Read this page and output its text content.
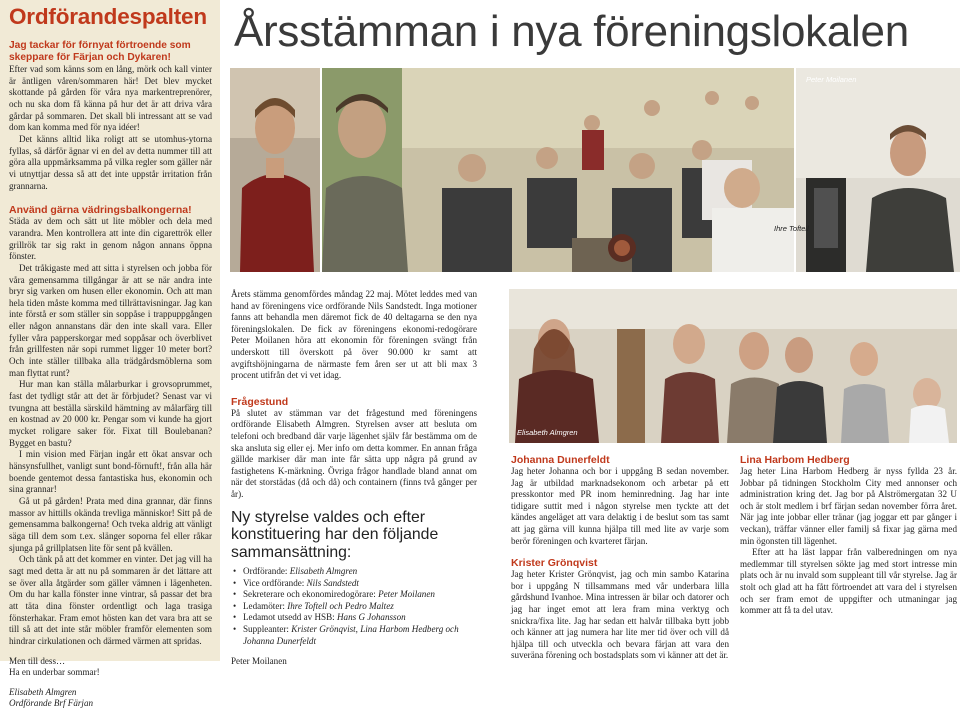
Ordförandespalten
Jag tackar för förnyat förtroende som skeppare för Färjan och Dykaren!

Efter vad som känns som en lång, mörk och kall vinter är äntligen våren/sommaren här! Det blev mycket skottande på gården för våra nya markentreprenörer, och nu ska dom få känna på hur det är att driva våra gårdar på sommaren. Det skall bli intressant att se vad dom kan komma med för nya idéer!

Det känns alltid lika roligt att se utomhus-ytorna fyllas, så därför ägnar vi en del av detta nummer till att göra alla uppmärksamma på vilka regler som gäller när vi utnyttjar dessa så att det inte uppstår irritation från grannarna.

Använd gärna vädringsbalkongerna!

Städa av dem och sätt ut lite möbler och dela med varandra. Men kontrollera att inte din cigarettrök eller grillrök tar sig rakt in genom någon annans öppna fönster.

Det tråkigaste med att sitta i styrelsen och jobba för våra gemensamma tillgångar är att se när andra inte bryr sig varken om husen eller ekonomin. Och att man hela tiden måste komma med tillrättavisningar. Jag kan inte förstå er som ställer sin soppåse i trappuppgången eller någon annanstans där den inte skall vara. Eller fyller våra papperskorgar med soppåsar och överblivet från grillfesten när sopi rummet ligger 10 meter bort? Och inte ställer tillbaka alla trädgårdsmöblerna som man flyttat runt?

Hur man kan ställa målarburkar i grovsoprummet, fast det tydligt står att det är förbjudet? Senast var vi tvungna att beställa särskild hämtning av målarfärg till en kostnad av 20 000 kr. Pengar som vi kunde ha gjort mycket roligare saker för. Fixat till Boulebanan? Bygget en bastu?

I min vision med Färjan ingår ett ökat ansvar och hänsynsfullhet, vanligt sunt bond-förnuft!, från alla här boende gentemot dessa fantastiska hus, ekonomin och sina grannar!

Gå ut på gården! Prata med dina grannar, där finns massor av hittills okända trevliga människor! Sitt på de gemensamma balkongerna! Och tveka aldrig att vänligt säga till dem som t.ex. slänger soporna fel eller råkar sjunga på grillplatsen lite för sent på kvällen.

Och tänk på att det kommer en vinter. Det jag vill ha sagt med detta är att nu på sommaren är det lättare att se över alla åtgärder som gäller vämnen i lägenheten. Om du har kalla fönster inne vintrar, så passar det bra att täta dina fönster ordentligt och laga trasiga fönsterhakar. Fram emot hösten kan det vara bra att se till så att det inte står möbler framför elementen som hindrar cirkulationen och därmed värmen att spridas.

Men till dess…

Ha en underbar sommar!

Elisabeth Almgren

Ordförande Brf Färjan

Årsstämman i nya föreningslokalen
Peter Moilanen
Ihre Toftell

Årets stämma genomfördes måndag 22 maj. Mötet leddes med van hand av föreningens vice ordförande Nils Sandstedt. Inga motioner fanns att behandla men däremot fick de 40 deltagarna se den nya föreningslokalen. De fick av föreningens ekonomi-redogörare Peter Moilanen höra att ekonomin för föreningen svängt från underskott till överskott på över 90.000 kr samt att avgiftshöjningarna de närmaste fem åren ser ut att bli max 3 procent utifrån det vi vet idag.

Frågestund

På slutet av stämman var det frågestund med föreningens ordförande Elisabeth Almgren. Styrelsen avser att besluta om telefoni och bredband där varje lägenhet själv får bestämma om de ska ansluta sig eller ej. Mer info om detta kommer. En annan fråga gällde markiser där man inte får sätta upp några på grund av fastighetens K-märkning. Övriga frågor handlade bland annat om när det storstädas (då och då) och containern (finns två gånger per år).

Ny styrelse valdes och efter konstituering har den följande sammansättning:
• Ordförande: Elisabeth Almgren
• Vice ordförande: Nils Sandstedt
• Sekreterare och ekonomiredogörare: Peter Moilanen
• Ledamöter: Ihre Toftell och Pedro Maltez
• Ledamot utsedd av HSB: Hans G Johansson
• Suppleanter: Krister Grönqvist, Lina Harbom Hedberg och Johanna Dunerfeldt

Peter Moilanen

Elisabeth Almgren
Johanna Dunerfeldt

Jag heter Johanna och bor i uppgång B sedan november. Jag är utbildad marknadsekonom och arbetar på ett presskontor med PR inom heminredning. Jag har inte tidigare suttit med i någon styrelse men tyckte att det kändes angeläget att vara delaktig i de beslut som tas samt att jag gärna vill kunna hjälpa till med lite av varje som berör föreningen och kvarteret färjan.

Krister Grönqvist

Jag heter Krister Grönqvist, jag och min sambo Katarina bor i uppgång N tillsammans med vår underbara lilla gårdshund Ivanhoe. Mina intressen är bilar och datorer och jag har inget emot att lera fram mina verktyg och snickra/fixa lite. Jag har sedan ett halvår tillbaka bytt jobb och känner att jag numera har lite mer tid över och vill då hjälpa till och utveckla och bevara färjan att vara den suveräna förening och bostadsplats som vi känner att det är.

Lina Harbom Hedberg

Jag heter Lina Harbom Hedberg är nyss fyllda 23 år. Jobbar på tidningen Stockholm City med annonser och administration kring det. Jag bor på Alströmergatan 32 U och är stolt medlem i brf färjan sedan november förra året. När jag inte jobbar eller tränar (jag joggar ett par gånger i veckan), träffar vänner eller familj så fixar jag gärna med min ögonsten till lägenhet.

Efter att ha läst lappar från valberedningen om nya medlemmar till styrelsen sökte jag med stort intresse min plats och är nu invald som suppleant till vår styrelse. Jag är stolt och glad att ha fått förtroendet att vara del i styrelsen och ser fram emot de uppgifter och utmaningar jag kommer att få ta del utav.
